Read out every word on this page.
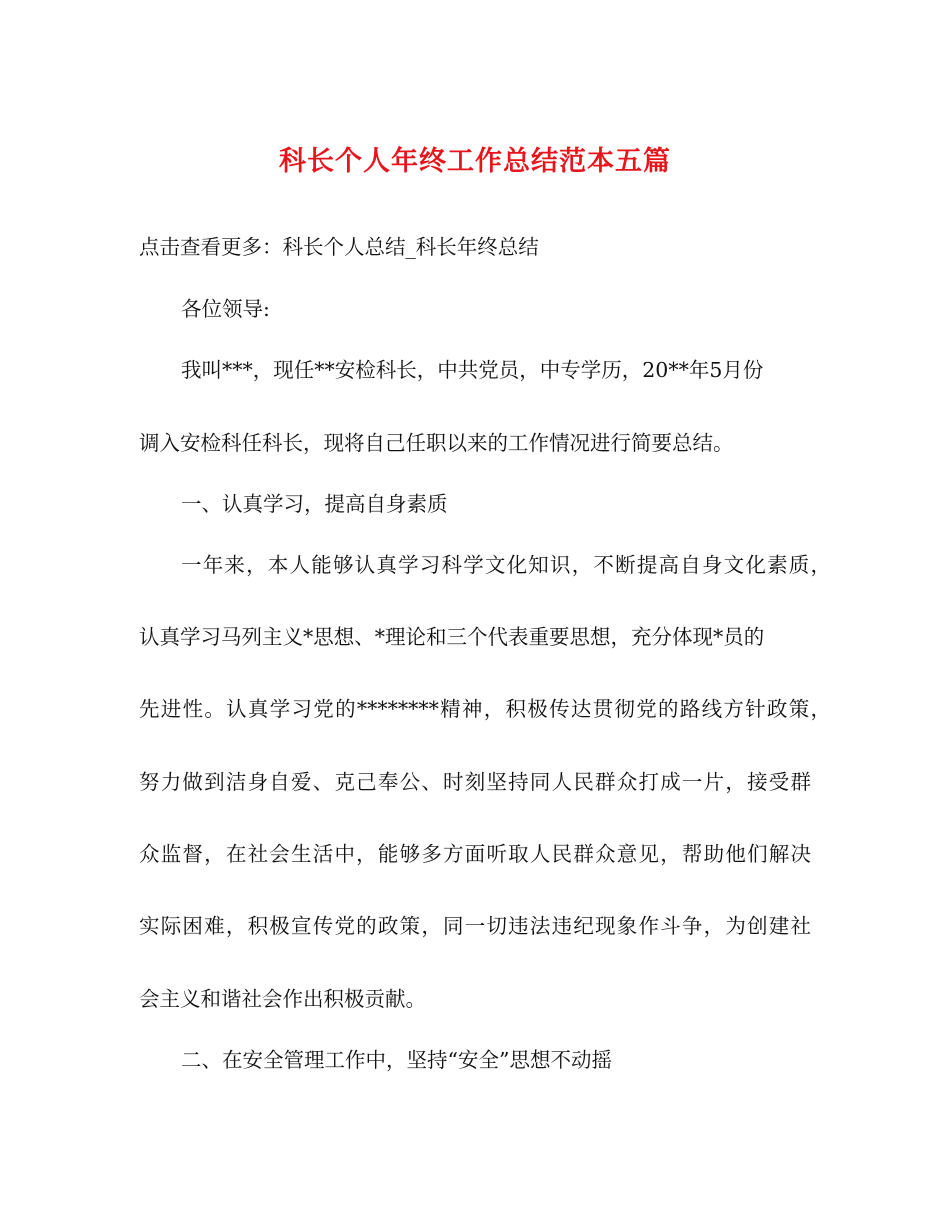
科长个人年终工作总结范本五篇

点击查看更多：科长个人总结_科长年终总结

各位领导:

我叫***，现任**安检科长，中共党员，中专学历，20**年5月份

调入安检科任科长，现将自己任职以来的工作情况进行简要总结。

一、认真学习，提高自身素质

一年来，本人能够认真学习科学文化知识，不断提高自身文化素质，

认真学习马列主义*思想、*理论和三个代表重要思想，充分体现*员的

先进性。认真学习党的********精神，积极传达贯彻党的路线方针政策，

努力做到洁身自爱、克己奉公、时刻坚持同人民群众打成一片，接受群

众监督，在社会生活中，能够多方面听取人民群众意见，帮助他们解决

实际困难，积极宣传党的政策，同一切违法违纪现象作斗争，为创建社

会主义和谐社会作出积极贡献。

二、在安全管理工作中，坚持“安全”思想不动摇
